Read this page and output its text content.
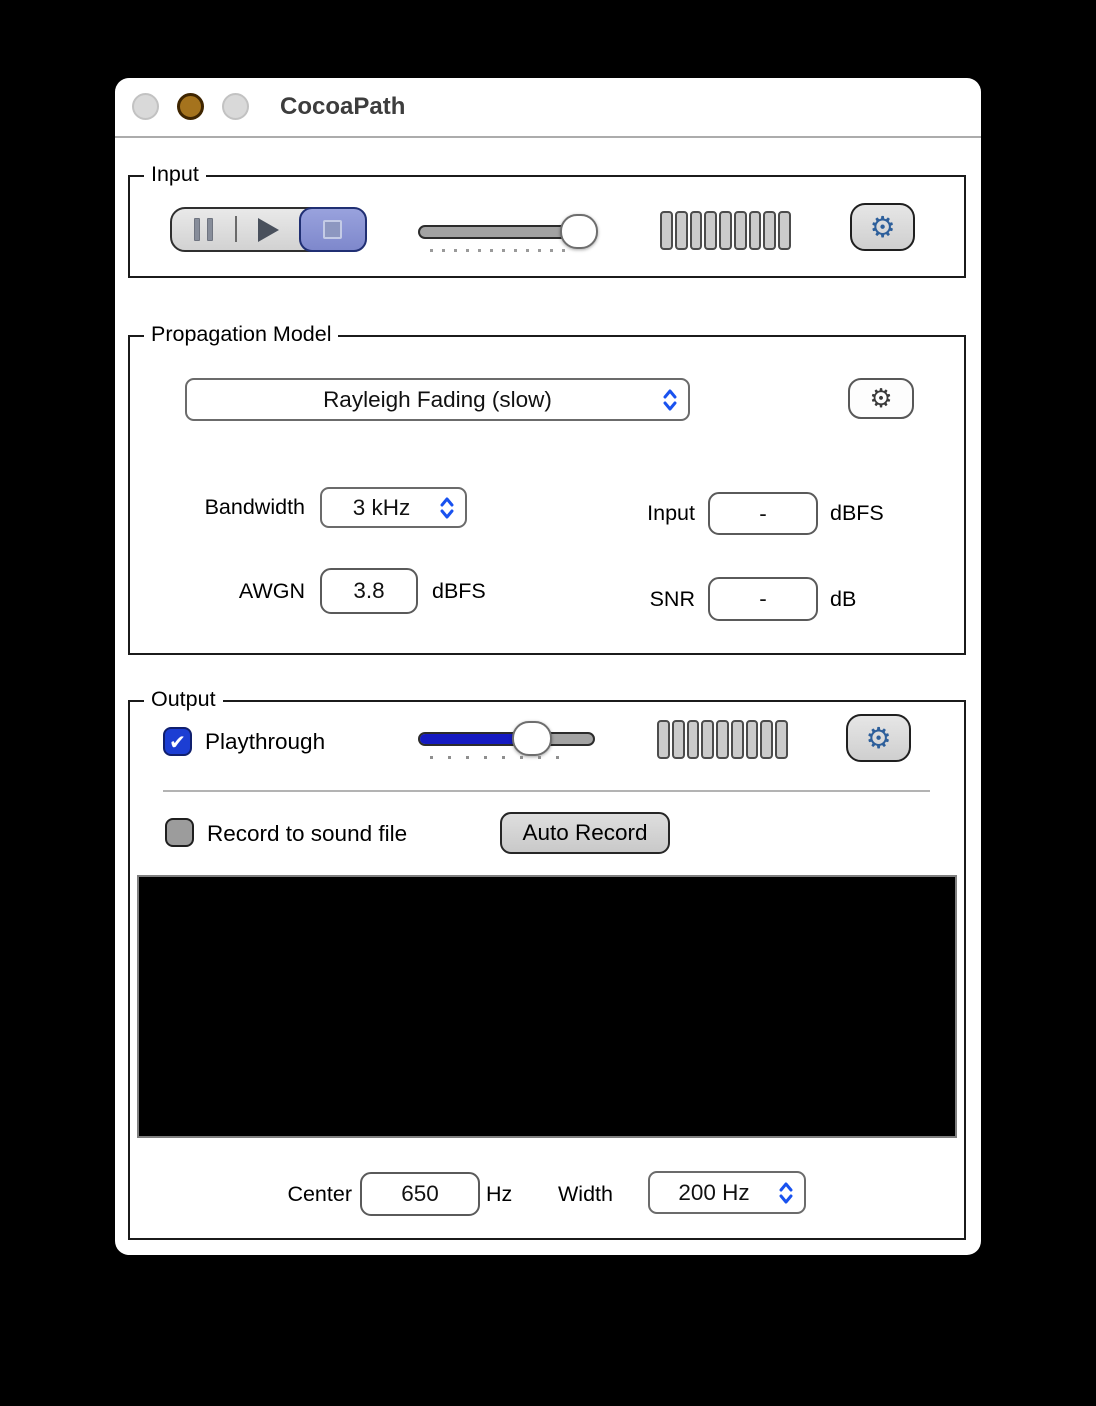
CocoaPath
Input
⚙
Propagation Model
Rayleigh Fading (slow)	⚙
Bandwidth 3 kHz	Input	-	dBFS
AWGN	3.8	dBFS	SNR	-	dB
Output
✔ Playthrough	⚙
Record to sound file	Auto Record
Center	650	Hz Width	200 Hz
